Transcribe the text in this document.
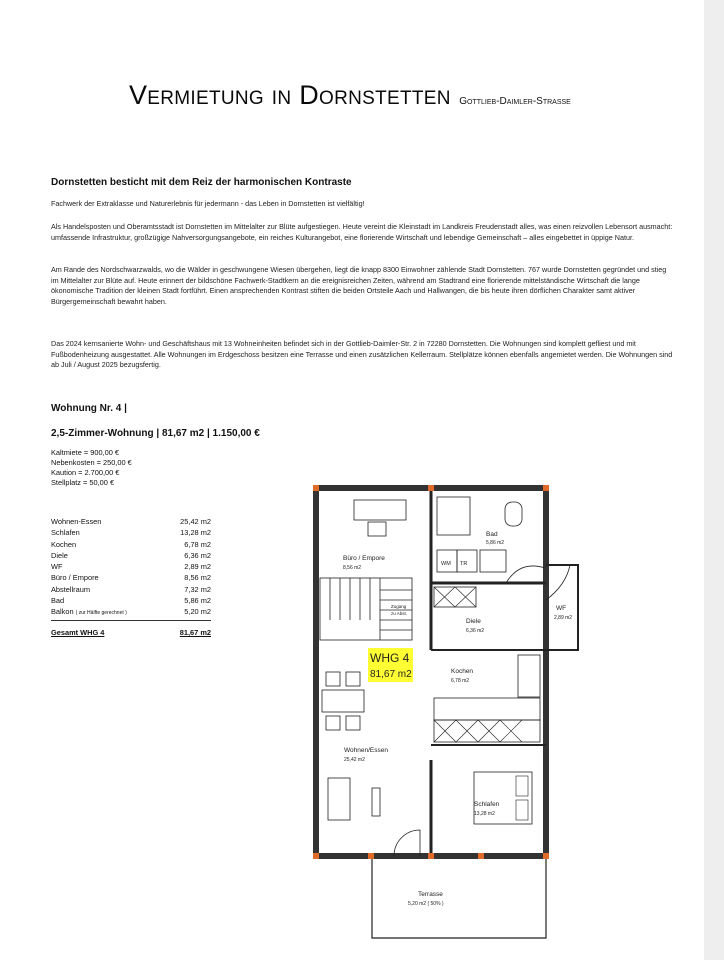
Vermietung in Dornstetten Gottlieb-Daimler-Strasse
Dornstetten besticht mit dem Reiz der harmonischen Kontraste
Fachwerk der Extraklasse und Naturerlebnis für jedermann - das Leben in Dornstetten ist vielfältig!
Als Handelsposten und Oberamtsstadt ist Dornstetten im Mittelalter zur Blüte aufgestiegen. Heute vereint die Kleinstadt im Landkreis Freudenstadt alles, was einen reizvollen Lebensort ausmacht: umfassende Infrastruktur, großzügige Nahversorgungsangebote, ein reiches Kulturangebot, eine florierende Wirtschaft und lebendige Gemeinschaft – alles eingebettet in üppige Natur.
Am Rande des Nordschwarzwalds, wo die Wälder in geschwungene Wiesen übergehen, liegt die knapp 8300 Einwohner zählende Stadt Dornstetten. 767 wurde Dornstetten gegründet und stieg im Mittelalter zur Blüte auf. Heute erinnert der bildschöne Fachwerk-Stadtkern an die ereignisreichen Zeiten, während am Stadtrand eine florierende mittelständische Wirtschaft die lange ökonomische Tradition der kleinen Stadt fortführt. Einen ansprechenden Kontrast stiften die beiden Ortsteile Aach und Hallwangen, die bis heute ihren dörflichen Charakter samt aktiver Bürgergemeinschaft bewahrt haben.
Das 2024 kernsanierte Wohn- und Geschäftshaus mit 13 Wohneinheiten befindet sich in der Gottlieb-Daimler-Str. 2 in 72280 Dornstetten. Die Wohnungen sind komplett gefliest und mit Fußbodenheizung ausgestattet. Alle Wohnungen im Erdgeschoss besitzen eine Terrasse und einen zusätzlichen Kellerraum. Stellplätze können ebenfalls angemietet werden. Die Wohnungen sind ab Juli / August 2025 bezugsfertig.
Wohnung Nr. 4 |
2,5-Zimmer-Wohnung | 81,67 m2 | 1.150,00 €
Kaltmiete = 900,00 €
Nebenkosten = 250,00 €
Kaution = 2.700,00 €
Stellplatz = 50,00 €
Wohnen-Essen	25,42 m2
Schlafen	13,28 m2
Kochen	6,78 m2
Diele	6,36 m2
WF	2,89 m2
Büro / Empore	8,56 m2
Abstellraum	7,32 m2
Bad	5,86 m2
Balkon ( zur Hälfte gerechnet )	5,20 m2
Gesamt WHG 4	81,67 m2
WHG 4
81,67 m2
Büro / Empore
8,56 m2
Bad
5,86 m2
WM TR
Zugang
zu Abst.
Diele
6,36 m2
WF
2,89 m2
Kochen
6,78 m2
Wohnen/Essen
25,42 m2
Schlafen
13,28 m2
Terrasse
5,20 m2 ( 50% )
